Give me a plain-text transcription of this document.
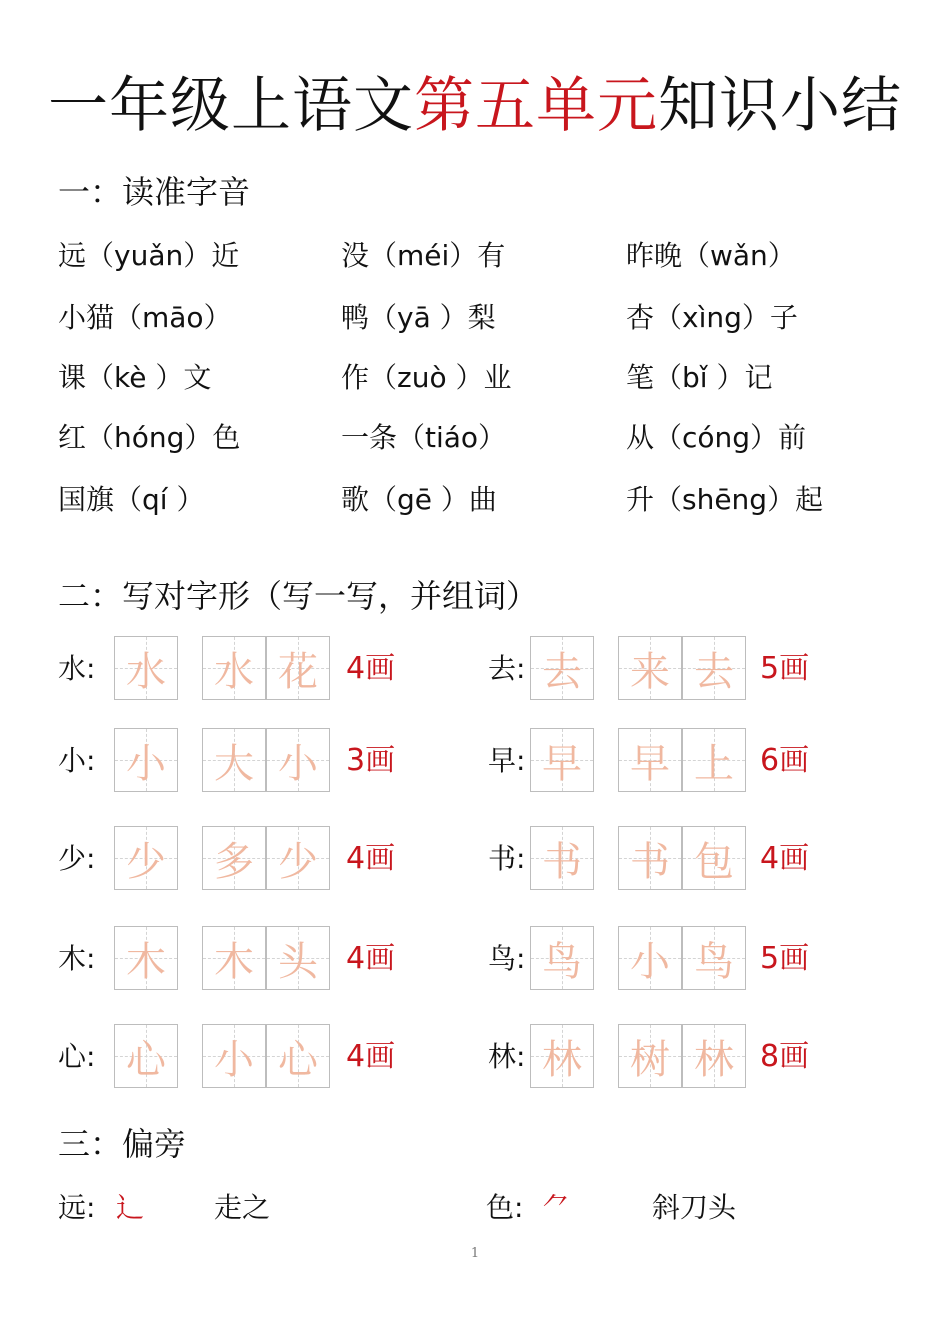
一年级上语文第五单元知识小结
一：读准字音
远（yuǎn）近	没（méi）有	昨晚（wǎn）
小猫（māo）	鸭（yā ）梨	杏（xìng）子
课（kè ）文	作（zuò ）业	笔（bǐ ）记
红（hóng）色	一条（tiáo）	从（cóng）前
国旗（qí ）	歌（gē ）曲	升（shēng）起
二：写对字形（写一写，并组词）
水: 水 水 花 4画	去: 去 来 去 5画
小: 小 大 小 3画	早: 早 早 上 6画
少: 少 多 少 4画	书: 书 书 包 4画
木: 木 木 头 4画	鸟: 鸟 小 鸟 5画
心: 心 小 心 4画	林: 林 树 林 8画
三：偏旁
远: 辶 走之	色: ⺈	斜刀头
1
